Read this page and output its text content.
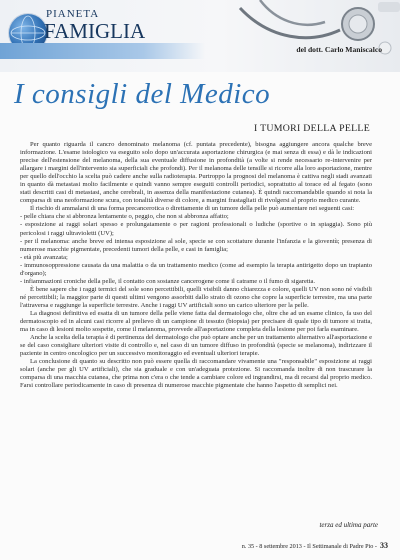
PIANETA
FAMIGLIA
del dott. Carlo Maniscalco
I consigli del Medico
I TUMORI DELLA PELLE

Per quanto riguarda il cancro denominato melanoma (cf. puntata precedente), bisogna aggiungere ancora qualche breve informazione. L'esame istologico va eseguito solo dopo un'accurata asportazione chirurgica (e mai senza di essa) e dà le indicazioni precise dell'estensione del melanoma, della sua eventuale diffusione in profondità (a volte si rende necessario re-intervenire per allargare i margini dell'intervento sia superficiali che profondi). Per il melanoma delle tensille si ricorre alla loro asportazione, mentre per quello dell'occhio la scelta può cadere anche sulla radioterapia. Purtroppo la prognosi del melanoma è cattiva negli stadi avanzati in quanto dà metastasi molto facilmente e quindi vanno sempre eseguiti controlli periodici, soprattutto al torace ed al fegato (sono stati descritti casi di metastasi, anche cerebrali, in assenza della manifestazione cutanea). È quindi raccomandabile quando si nota la comparsa di una neoformazione scura, con tonalità diverse di colore, a margini frastagliati di rivolgersi al proprio medico curante.

Il rischio di ammalarsi di una forma precancerotica o direttamente di un tumore della pelle può aumentare nei seguenti casi:

- pelle chiara che si abbronza lentamente o, peggio, che non si abbronza affatto;

- esposizione ai raggi solari spesso e prolungatamente o per ragioni professionali o ludiche (sportive o in spiaggia). Sono più pericolosi i raggi ultravioletti (UV);

- per il melanoma: anche breve ed intensa esposizione al sole, specie se con scottature durante l'infanzia e la gioventù; presenza di numerose macchie pigmentate, precedenti tumori della pelle, e casi in famiglia;

- età più avanzata;

- immunosoppressione causata da una malattia o da un trattamento medico (come ad esempio la terapia antirigetto dopo un trapianto d'organo);

- infiammazioni croniche della pelle, il contatto con sostanze cancerogene come il catrame o il fumo di sigaretta.

È bene sapere che i raggi termici del sole sono percettibili, quelli visibili danno chiarezza e colore, quelli UV non sono né visibili né percettibili; la maggior parte di questi ultimi vengono assorbiti dallo strato di ozono che copre la superficie terrestre, ma una parte l'attraversa e raggiunge la superficie terrestre. Anche i raggi UV artificiali sono un carico ulteriore per la pelle.

La diagnosi definitiva ed esatta di un tumore della pelle viene fatta dal dermatologo che, oltre che ad un esame clinico, fa uso del dermatoscopio ed in alcuni casi ricorre al prelievo di un campione di tessuto (biopsia) per precisare di quale tipo di tumore si tratta, ma in caso di lesioni molto sospette, come il melanoma, provvede all'asportazione completa della lesione per poi farla esaminare.

Anche la scelta della terapia è di pertinenza del dermatologo che può optare anche per un trattamento alternativo all'asportazione e se del caso consigliare ulteriori visite di controllo e, nel caso di un tumore diffuso in profondità (specie se melanoma), indirizzare il paziente in centro oncologico per un successivo monitoraggio ed eventuali ulteriori terapie.

La conclusione di quanto su descritto non può essere quella di raccomandare vivamente una "responsabile" esposizione ai raggi solari (anche per gli UV artificiali), che sia graduale e con un'adeguata protezione. Si raccomanda inoltre di non trascurare la comparsa di una macchia cutanea, che prima non c'era o che tende a cambiare colore ed ingrandirsi, ma di recarsi dal proprio medico. Farsi controllare periodicamente in caso di presenza di numerose macchie pigmentate che hanno l'aspetto di semplici nei.

terza ed ultima parte
n. 35 - 8 settembre 2013 - Il Settimanale di Padre Pio - 33
